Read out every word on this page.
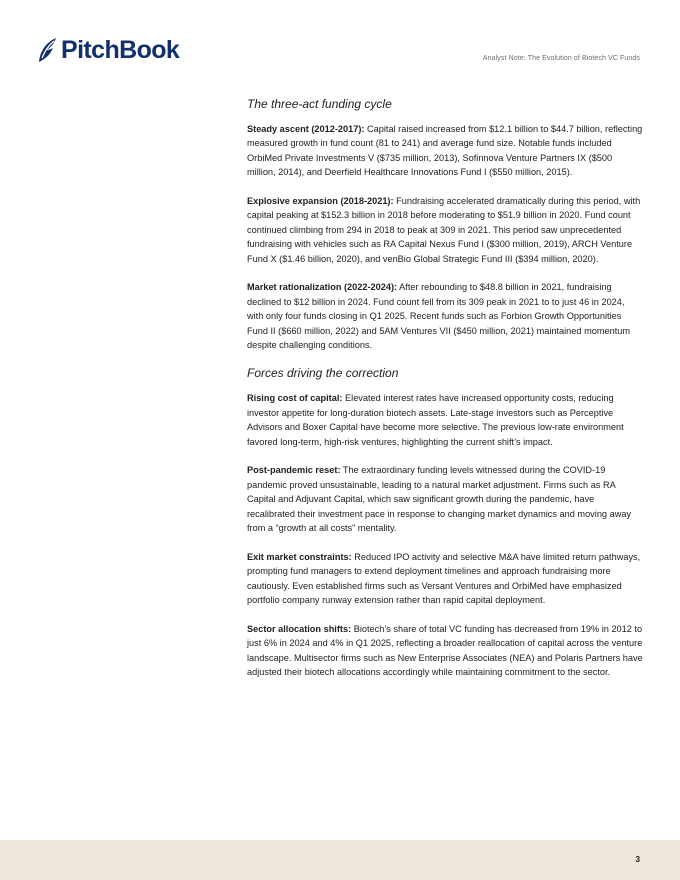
PitchBook	Analyst Note: The Evolution of Biotech VC Funds
The three-act funding cycle

Steady ascent (2012-2017): Capital raised increased from $12.1 billion to $44.7 billion, reflecting measured growth in fund count (81 to 241) and average fund size. Notable funds included OrbiMed Private Investments V ($735 million, 2013), Sofinnova Venture Partners IX ($500 million, 2014), and Deerfield Healthcare Innovations Fund I ($550 million, 2015).

Explosive expansion (2018-2021): Fundraising accelerated dramatically during this period, with capital peaking at $152.3 billion in 2018 before moderating to $51.9 billion in 2020. Fund count continued climbing from 294 in 2018 to peak at 309 in 2021. This period saw unprecedented fundraising with vehicles such as RA Capital Nexus Fund I ($300 million, 2019), ARCH Venture Fund X ($1.46 billion, 2020), and venBio Global Strategic Fund III ($394 million, 2020).

Market rationalization (2022-2024): After rebounding to $48.8 billion in 2021, fundraising declined to $12 billion in 2024. Fund count fell from its 309 peak in 2021 to to just 46 in 2024, with only four funds closing in Q1 2025. Recent funds such as Forbion Growth Opportunities Fund II ($660 million, 2022) and 5AM Ventures VII ($450 million, 2021) maintained momentum despite challenging conditions.

Forces driving the correction

Rising cost of capital: Elevated interest rates have increased opportunity costs, reducing investor appetite for long-duration biotech assets. Late-stage investors such as Perceptive Advisors and Boxer Capital have become more selective. The previous low-rate environment favored long-term, high-risk ventures, highlighting the current shift’s impact.

Post-pandemic reset: The extraordinary funding levels witnessed during the COVID-19 pandemic proved unsustainable, leading to a natural market adjustment. Firms such as RA Capital and Adjuvant Capital, which saw significant growth during the pandemic, have recalibrated their investment pace in response to changing market dynamics and moving away from a “growth at all costs” mentality.

Exit market constraints: Reduced IPO activity and selective M&A have limited return pathways, prompting fund managers to extend deployment timelines and approach fundraising more cautiously. Even established firms such as Versant Ventures and OrbiMed have emphasized portfolio company runway extension rather than rapid capital deployment.

Sector allocation shifts: Biotech’s share of total VC funding has decreased from 19% in 2012 to just 6% in 2024 and 4% in Q1 2025, reflecting a broader reallocation of capital across the venture landscape. Multisector firms such as New Enterprise Associates (NEA) and Polaris Partners have adjusted their biotech allocations accordingly while maintaining commitment to the sector.

3
